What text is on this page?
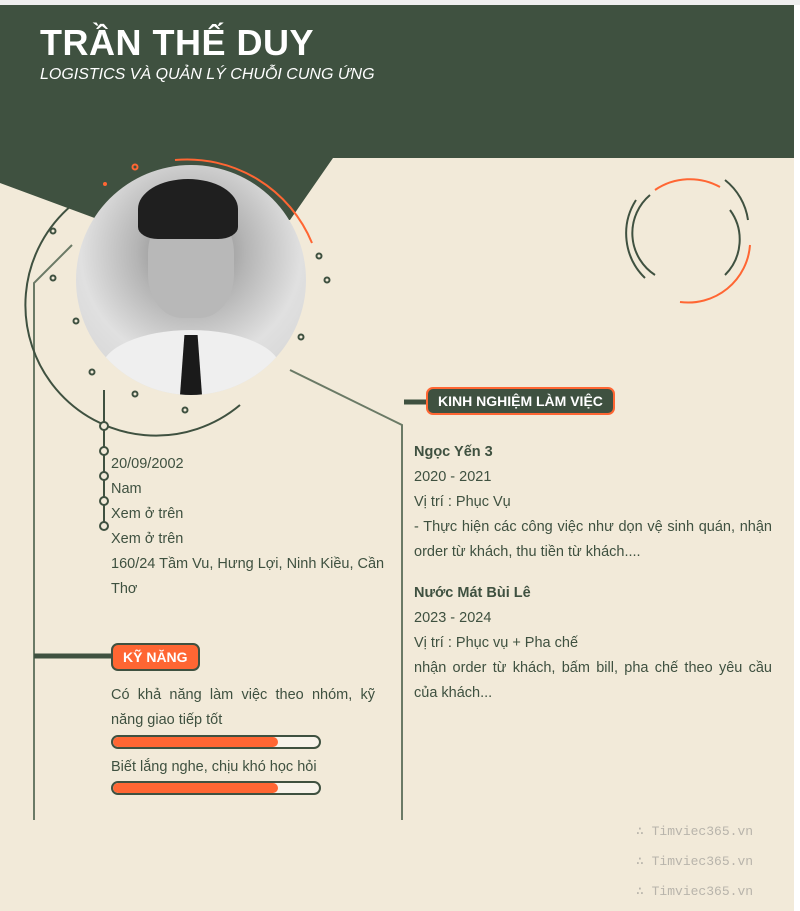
TRẦN THẾ DUY
LOGISTICS VÀ QUẢN LÝ CHUỖI CUNG ỨNG
20/09/2002
Nam
Xem ở trên
Xem ở trên
160/24 Tầm Vu, Hưng Lợi, Ninh Kiều, Cần Thơ
KỸ NĂNG
Có khả năng làm việc theo nhóm, kỹ năng giao tiếp tốt
Biết lắng nghe, chịu khó học hỏi
KINH NGHIỆM LÀM VIỆC
Ngọc Yến 3
2020 - 2021
Vị trí : Phục Vụ
- Thực hiện các công việc như dọn vệ sinh quán, nhận order từ khách, thu tiền từ khách....
Nước Mát Bùi Lê
2023 - 2024
Vị trí : Phục vụ + Pha chế
nhận order từ khách, bấm bill, pha chế theo yêu cầu của khách...
∴ Timviec365.vn
∴ Timviec365.vn
∴ Timviec365.vn
